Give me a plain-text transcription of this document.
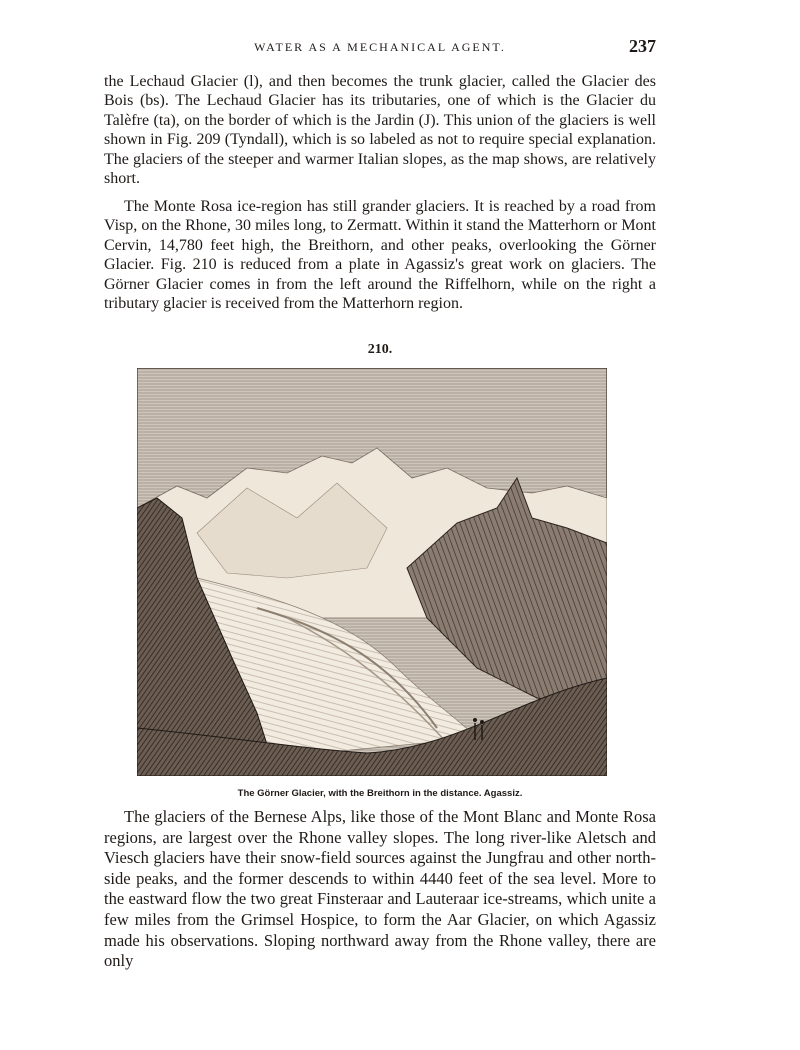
WATER AS A MECHANICAL AGENT.	237

the Lechaud Glacier (l), and then becomes the trunk glacier, called the Glacier des Bois (bs). The Lechaud Glacier has its tributaries, one of which is the Glacier du Talèfre (ta), on the border of which is the Jardin (J). This union of the glaciers is well shown in Fig. 209 (Tyndall), which is so labeled as not to require special explanation. The glaciers of the steeper and warmer Italian slopes, as the map shows, are relatively short.

The Monte Rosa ice-region has still grander glaciers. It is reached by a road from Visp, on the Rhone, 30 miles long, to Zermatt. Within it stand the Matterhorn or Mont Cervin, 14,780 feet high, the Breithorn, and other peaks, overlooking the Görner Glacier. Fig. 210 is reduced from a plate in Agassiz's great work on glaciers. The Görner Glacier comes in from the left around the Riffelhorn, while on the right a tributary glacier is received from the Matterhorn region.

210.
The Görner Glacier, with the Breithorn in the distance. Agassiz.

The glaciers of the Bernese Alps, like those of the Mont Blanc and Monte Rosa regions, are largest over the Rhone valley slopes. The long river-like Aletsch and Viesch glaciers have their snow-field sources against the Jungfrau and other north-side peaks, and the former descends to within 4440 feet of the sea level. More to the eastward flow the two great Finsteraar and Lauteraar ice-streams, which unite a few miles from the Grimsel Hospice, to form the Aar Glacier, on which Agassiz made his observations. Sloping northward away from the Rhone valley, there are only
